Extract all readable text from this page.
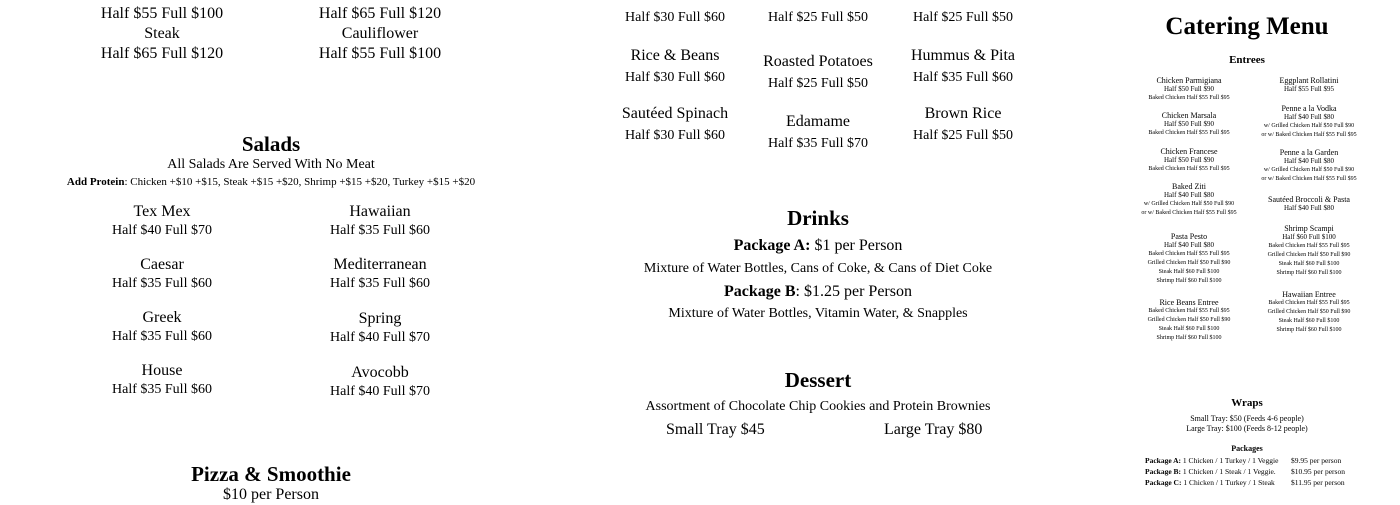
Half $55 Full $100
Steak
Half $65 Full $120
Half $65 Full $120
Cauliflower
Half $55 Full $100
Salads
All Salads Are Served With No Meat
Add Protein: Chicken +$10 +$15, Steak +$15 +$20, Shrimp +$15 +$20, Turkey +$15 +$20
Tex Mex
Half $40 Full $70
Caesar
Half $35 Full $60
Greek
Half $35 Full $60
House
Half $35 Full $60
Hawaiian
Half $35 Full $60
Mediterranean
Half $35 Full $60
Spring
Half $40 Full $70
Avocobb
Half $40 Full $70
Pizza & Smoothie
$10 per Person
Half $30 Full $60
Rice & Beans
Half $30 Full $60
Sautéed Spinach
Half $30 Full $60
Half $25 Full $50
Roasted Potatoes
Half $25 Full $50
Edamame
Half $35 Full $70
Half $25 Full $50
Hummus & Pita
Half $35 Full $60
Brown Rice
Half $25 Full $50
Drinks
Package A: $1 per Person
Mixture of Water Bottles, Cans of Coke, & Cans of Diet Coke
Package B: $1.25 per Person
Mixture of Water Bottles, Vitamin Water, & Snapples
Dessert
Assortment of Chocolate Chip Cookies and Protein Brownies
Small Tray $45	Large Tray $80
Catering Menu
Entrees
Chicken Parmigiana
Half $50 Full $90
Baked Chicken Half $55 Full $95
Chicken Marsala
Half $50 Full $90
Baked Chicken Half $55 Full $95
Chicken Francese
Half $50 Full $90
Baked Chicken Half $55 Full $95
Baked Ziti
Half $40 Full $80
w/ Grilled Chicken Half $50 Full $90
or w/ Baked Chicken Half $55 Full $95
Pasta Pesto
Half $40 Full $80
Baked Chicken Half $55 Full $95
Grilled Chicken Half $50 Full $90
Steak Half $60 Full $100
Shrimp Half $60 Full $100
Rice Beans Entree
Baked Chicken Half $55 Full $95
Grilled Chicken Half $50 Full $90
Steak Half $60 Full $100
Shrimp Half $60 Full $100
Eggplant Rollatini
Half $55 Full $95
Penne a la Vodka
Half $40 Full $80
w/ Grilled Chicken Half $50 Full $90
or w/ Baked Chicken Half $55 Full $95
Penne a la Garden
Half $40 Full $80
w/ Grilled Chicken Half $50 Full $90
or w/ Baked Chicken Half $55 Full $95
Sautéed Broccoli & Pasta
Half $40 Full $80
Shrimp Scampi
Half $60 Full $100
Baked Chicken Half $55 Full $95
Grilled Chicken Half $50 Full $90
Steak Half $60 Full $100
Shrimp Half $60 Full $100
Hawaiian Entree
Baked Chicken Half $55 Full $95
Grilled Chicken Half $50 Full $90
Steak Half $60 Full $100
Shrimp Half $60 Full $100
Wraps
Small Tray: $50 (Feeds 4-6 people)
Large Tray: $100 (Feeds 8-12 people)
Packages
Package A: 1 Chicken / 1 Turkey / 1 Veggie	$9.95 per person
Package B: 1 Chicken / 1 Steak / 1 Veggie.	$10.95 per person
Package C: 1 Chicken / 1 Turkey / 1 Steak	$11.95 per person
